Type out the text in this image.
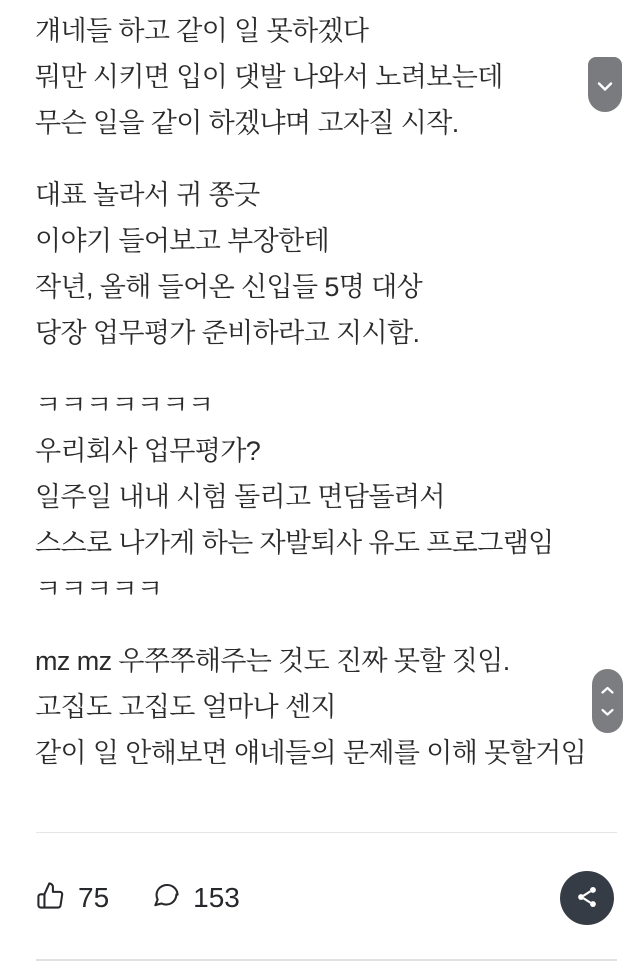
걔네들 하고 같이 일 못하겠다
뭐만 시키면 입이 댓발 나와서 노려보는데
무슨 일을 같이 하겠냐며 고자질 시작.
대표 놀라서 귀 쫑긋
이야기 들어보고 부장한테
작년, 올해 들어온 신입들 5명 대상
당장 업무평가 준비하라고 지시함.
ㅋㅋㅋㅋㅋㅋㅋ
우리회사 업무평가?
일주일 내내 시험 돌리고 면담돌려서
스스로 나가게 하는 자발퇴사 유도 프로그램임
ㅋㅋㅋㅋㅋ
mz mz 우쭈쭈해주는 것도 진짜 못할 짓임.
고집도 고집도 얼마나 센지
같이 일 안해보면 얘네들의 문제를 이해 못할거임
75	153
